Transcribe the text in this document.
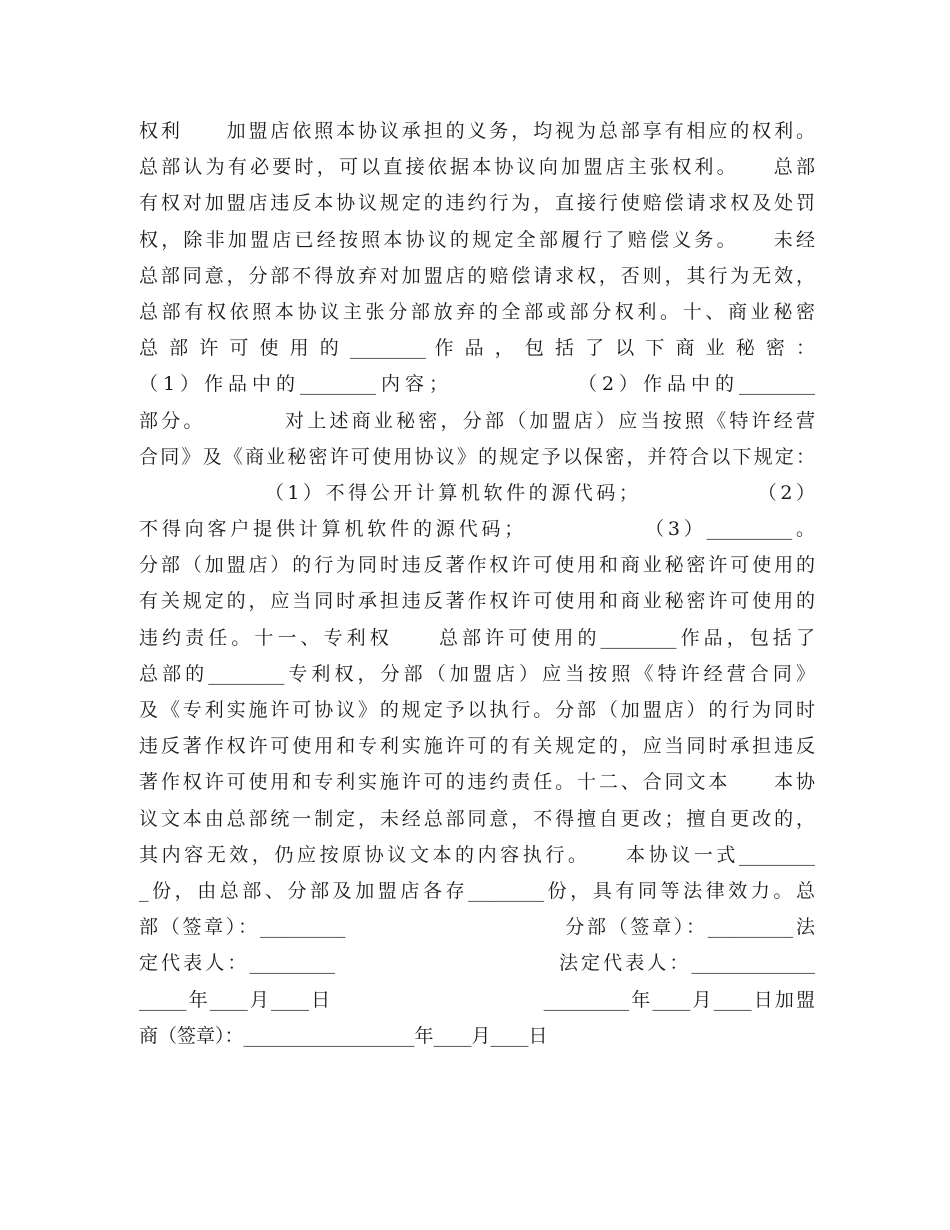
权利　　加盟店依照本协议承担的义务，均视为总部享有相应的权利。
总部认为有必要时，可以直接依据本协议向加盟店主张权利。　　总部
有权对加盟店违反本协议规定的违约行为，直接行使赔偿请求权及处罚
权，除非加盟店已经按照本协议的规定全部履行了赔偿义务。　　未经
总部同意，分部不得放弃对加盟店的赔偿请求权，否则，其行为无效，
总部有权依照本协议主张分部放弃的全部或部分权利。十、商业秘密
总 部 许 可 使 用 的 ________ 作 品 ， 包 括 了 以 下 商 业 秘 密 ：
（1）作品中的________内容；　　　　　　（2）作品中的________
部分。　　　　对上述商业秘密，分部（加盟店）应当按照《特许经营
合同》及《商业秘密许可使用协议》的规定予以保密，并符合以下规定：
　　　　　　（1）不得公开计算机软件的源代码；　　　　　　（2）
不得向客户提供计算机软件的源代码；　　　　　　（3）_________。
分部（加盟店）的行为同时违反著作权许可使用和商业秘密许可使用的
有关规定的，应当同时承担违反著作权许可使用和商业秘密许可使用的
违约责任。十一、专利权　　总部许可使用的________作品，包括了
总部的________专利权，分部（加盟店）应当按照《特许经营合同》
及《专利实施许可协议》的规定予以执行。分部（加盟店）的行为同时
违反著作权许可使用和专利实施许可的有关规定的，应当同时承担违反
著作权许可使用和专利实施许可的违约责任。十二、合同文本　　本协
议文本由总部统一制定，未经总部同意，不得擅自更改；擅自更改的，
其内容无效，仍应按原协议文本的内容执行。　　本协议一式________
_份，由总部、分部及加盟店各存________份，具有同等法律效力。总
部（签章）：_________　　　　　　　　　　分部（签章）：_________法
定代表人：_________　　　　　　　　　　法定代表人：_____________
_____年____月____日　　　　　　　　　　_________年____月____日加盟
商（签章）：__________________年____月____日
